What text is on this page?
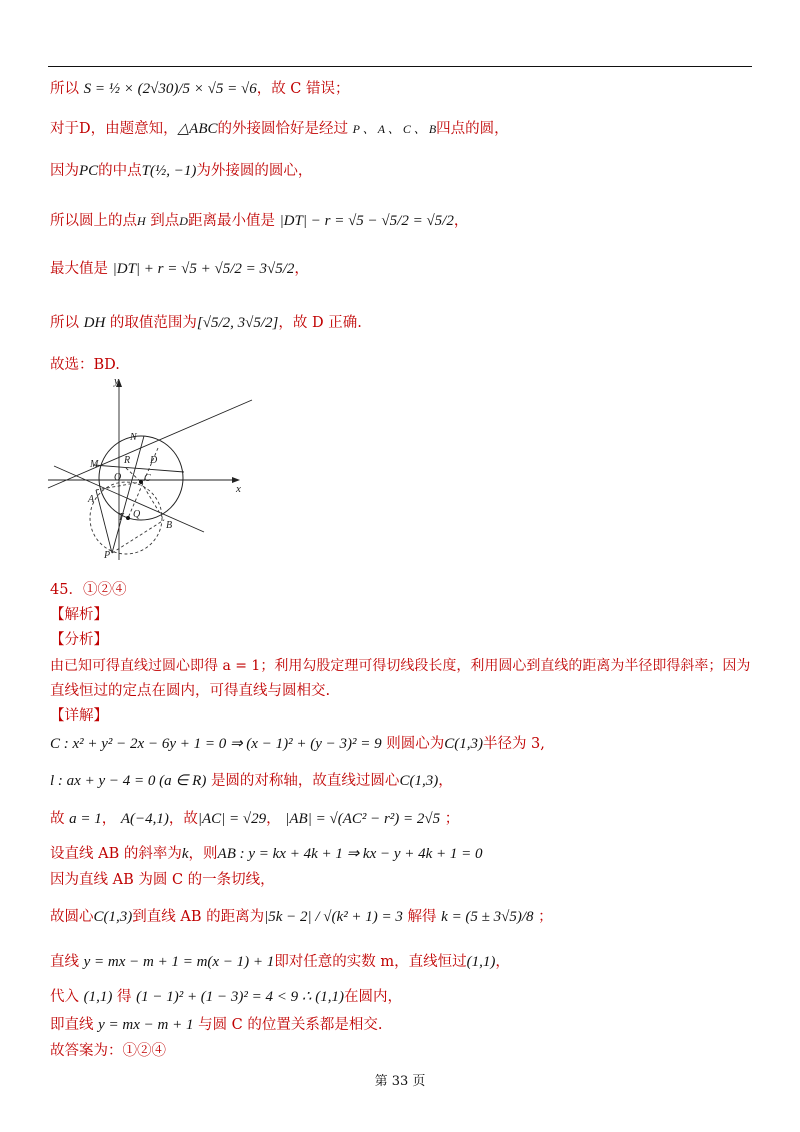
所以 S = ½ × (2√30)/5 × √5 = √6，故 C 错误；
对于D，由题意知，△ABC的外接圆恰好是经过 P 、 A 、 C 、 B四点的圆，
因为PC的中点T(½, −1)为外接圆的圆心，
所以圆上的点H 到点D距离最小值是 |DT| − r = √5 − √5/2 = √5/2，
最大值是 |DT| + r = √5 + √5/2 = 3√5/2，
所以 DH 的取值范围为[√5/2, 3√5/2]，故 D 正确.
故选：BD.
y
x
N
M	R D
O C
A
T Q
B
P
45．①②④
【解析】
【分析】
由已知可得直线过圆心即得 a = 1；利用勾股定理可得切线段长度，利用圆心到直线的距离为半径即得斜率；因为
直线恒过的定点在圆内，可得直线与圆相交.
【详解】
C : x² + y² − 2x − 6y + 1 = 0 ⇒ (x − 1)² + (y − 3)² = 9 则圆心为C(1,3)半径为 3,
l : ax + y − 4 = 0 (a ∈ R) 是圆的对称轴，故直线过圆心C(1,3)，
故 a = 1， A(−4,1)，故|AC| = √29， |AB| = √(AC² − r²) = 2√5 ；
设直线 AB 的斜率为k，则AB : y = kx + 4k + 1 ⇒ kx − y + 4k + 1 = 0
因为直线 AB 为圆 C 的一条切线，
故圆心C(1,3)到直线 AB 的距离为|5k − 2| / √(k² + 1) = 3 解得 k = (5 ± 3√5)/8 ；
直线 y = mx − m + 1 = m(x − 1) + 1即对任意的实数 m，直线恒过(1,1)，
代入 (1,1) 得 (1 − 1)² + (1 − 3)² = 4 < 9 ∴ (1,1)在圆内，
即直线 y = mx − m + 1 与圆 C 的位置关系都是相交.
故答案为：①②④
第 33 页
